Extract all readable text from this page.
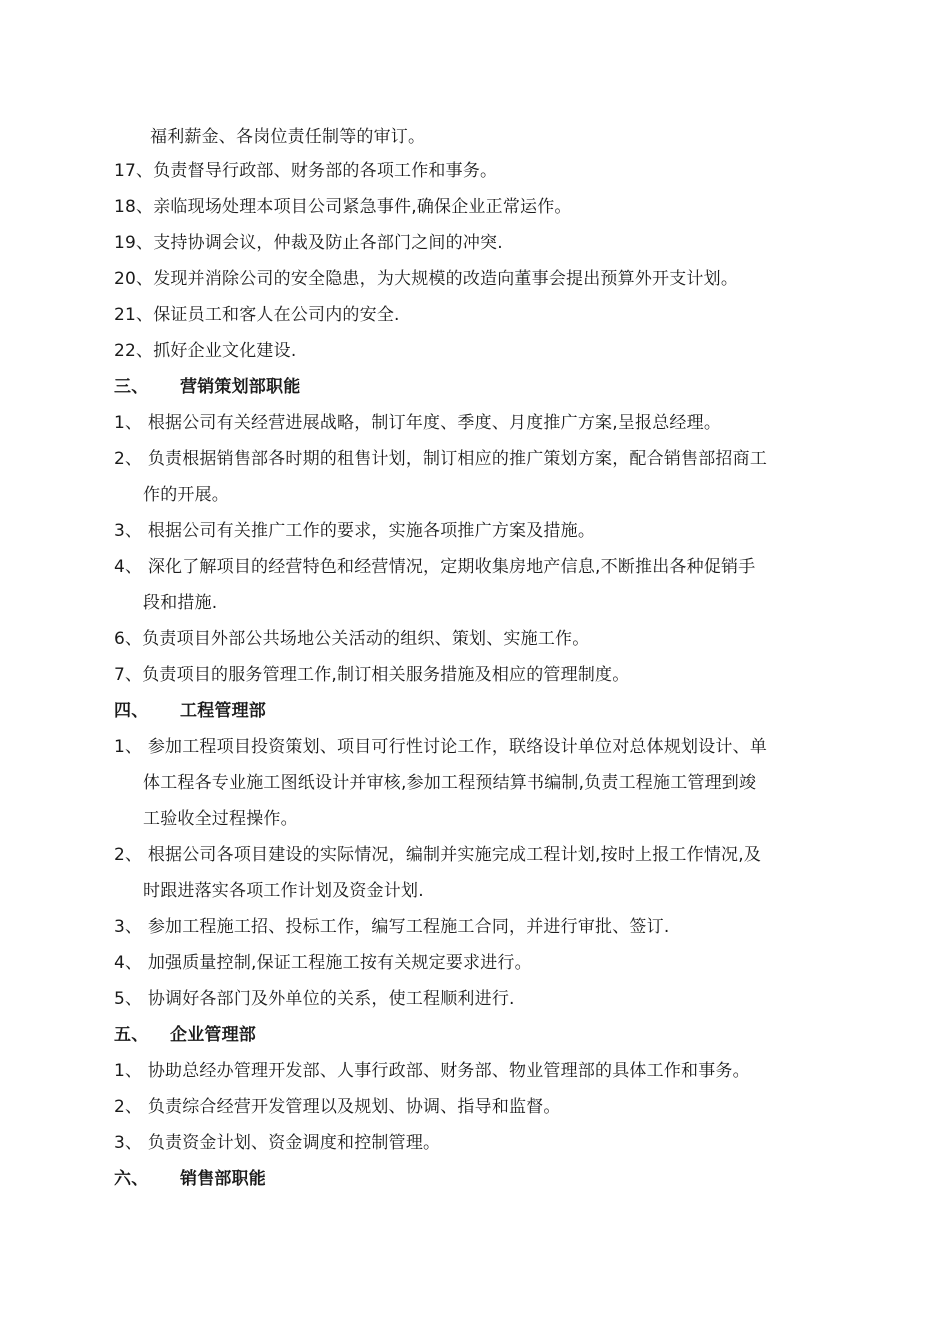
福利薪金、各岗位责任制等的审订。
17、负责督导行政部、财务部的各项工作和事务。
18、亲临现场处理本项目公司紧急事件,确保企业正常运作。
19、支持协调会议，仲裁及防止各部门之间的冲突.
20、发现并消除公司的安全隐患，为大规模的改造向董事会提出预算外开支计划。
21、保证员工和客人在公司内的安全.
22、抓好企业文化建设.
三、 营销策划部职能
1、 根据公司有关经营进展战略，制订年度、季度、月度推广方案,呈报总经理。
2、 负责根据销售部各时期的租售计划，制订相应的推广策划方案，配合销售部招商工
作的开展。
3、 根据公司有关推广工作的要求，实施各项推广方案及措施。
4、 深化了解项目的经营特色和经营情况，定期收集房地产信息,不断推出各种促销手
段和措施.
6、负责项目外部公共场地公关活动的组织、策划、实施工作。
7、负责项目的服务管理工作,制订相关服务措施及相应的管理制度。
四、 工程管理部
1、 参加工程项目投资策划、项目可行性讨论工作，联络设计单位对总体规划设计、单
体工程各专业施工图纸设计并审核,参加工程预结算书编制,负责工程施工管理到竣
工验收全过程操作。
2、 根据公司各项目建设的实际情况，编制并实施完成工程计划,按时上报工作情况,及
时跟进落实各项工作计划及资金计划.
3、 参加工程施工招、投标工作，编写工程施工合同，并进行审批、签订.
4、 加强质量控制,保证工程施工按有关规定要求进行。
5、 协调好各部门及外单位的关系，使工程顺利进行.
五、 企业管理部
1、 协助总经办管理开发部、人事行政部、财务部、物业管理部的具体工作和事务。
2、 负责综合经营开发管理以及规划、协调、指导和监督。
3、 负责资金计划、资金调度和控制管理。
六、 销售部职能
